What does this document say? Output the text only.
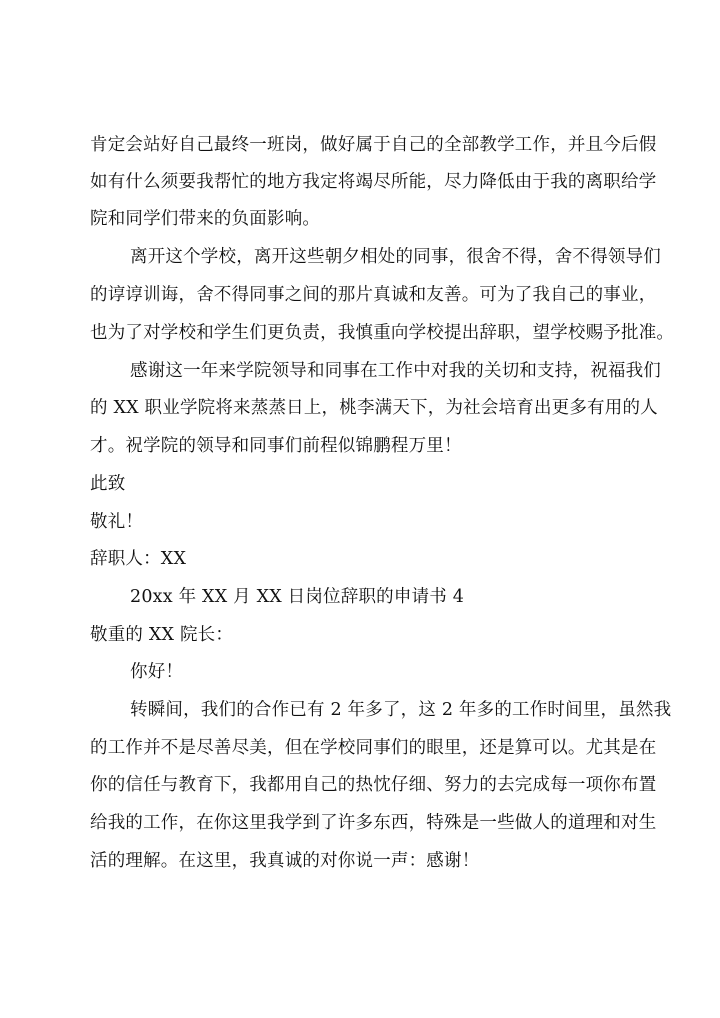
肯定会站好自己最终一班岗，做好属于自己的全部教学工作，并且今后假
如有什么须要我帮忙的地方我定将竭尽所能，尽力降低由于我的离职给学
院和同学们带来的负面影响。
离开这个学校，离开这些朝夕相处的同事，很舍不得，舍不得领导们
的谆谆训诲，舍不得同事之间的那片真诚和友善。可为了我自己的事业，
也为了对学校和学生们更负责，我慎重向学校提出辞职，望学校赐予批准。
感谢这一年来学院领导和同事在工作中对我的关切和支持，祝福我们
的 XX 职业学院将来蒸蒸日上，桃李满天下，为社会培育出更多有用的人
才。祝学院的领导和同事们前程似锦鹏程万里！
此致
敬礼！
辞职人：XX
20xx 年 XX 月 XX 日岗位辞职的申请书 4
敬重的 XX 院长：
你好！
转瞬间，我们的合作已有 2 年多了，这 2 年多的工作时间里，虽然我
的工作并不是尽善尽美，但在学校同事们的眼里，还是算可以。尤其是在
你的信任与教育下，我都用自己的热忱仔细、努力的去完成每一项你布置
给我的工作，在你这里我学到了许多东西，特殊是一些做人的道理和对生
活的理解。在这里，我真诚的对你说一声：感谢！
